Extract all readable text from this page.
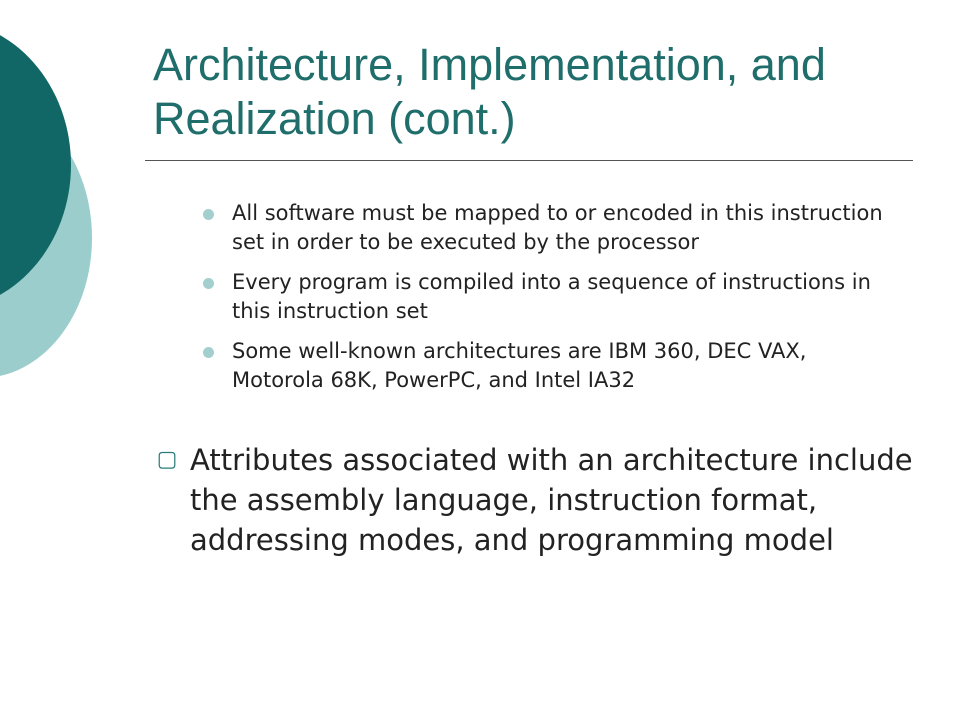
Architecture, Implementation, and Realization (cont.)
All software must be mapped to or encoded in this instruction set in order to be executed by the processor
Every program is compiled into a sequence of instructions in this instruction set
Some well-known architectures are IBM 360, DEC VAX, Motorola 68K, PowerPC, and Intel IA32
▢ Attributes associated with an architecture include the assembly language, instruction format, addressing modes, and programming model
